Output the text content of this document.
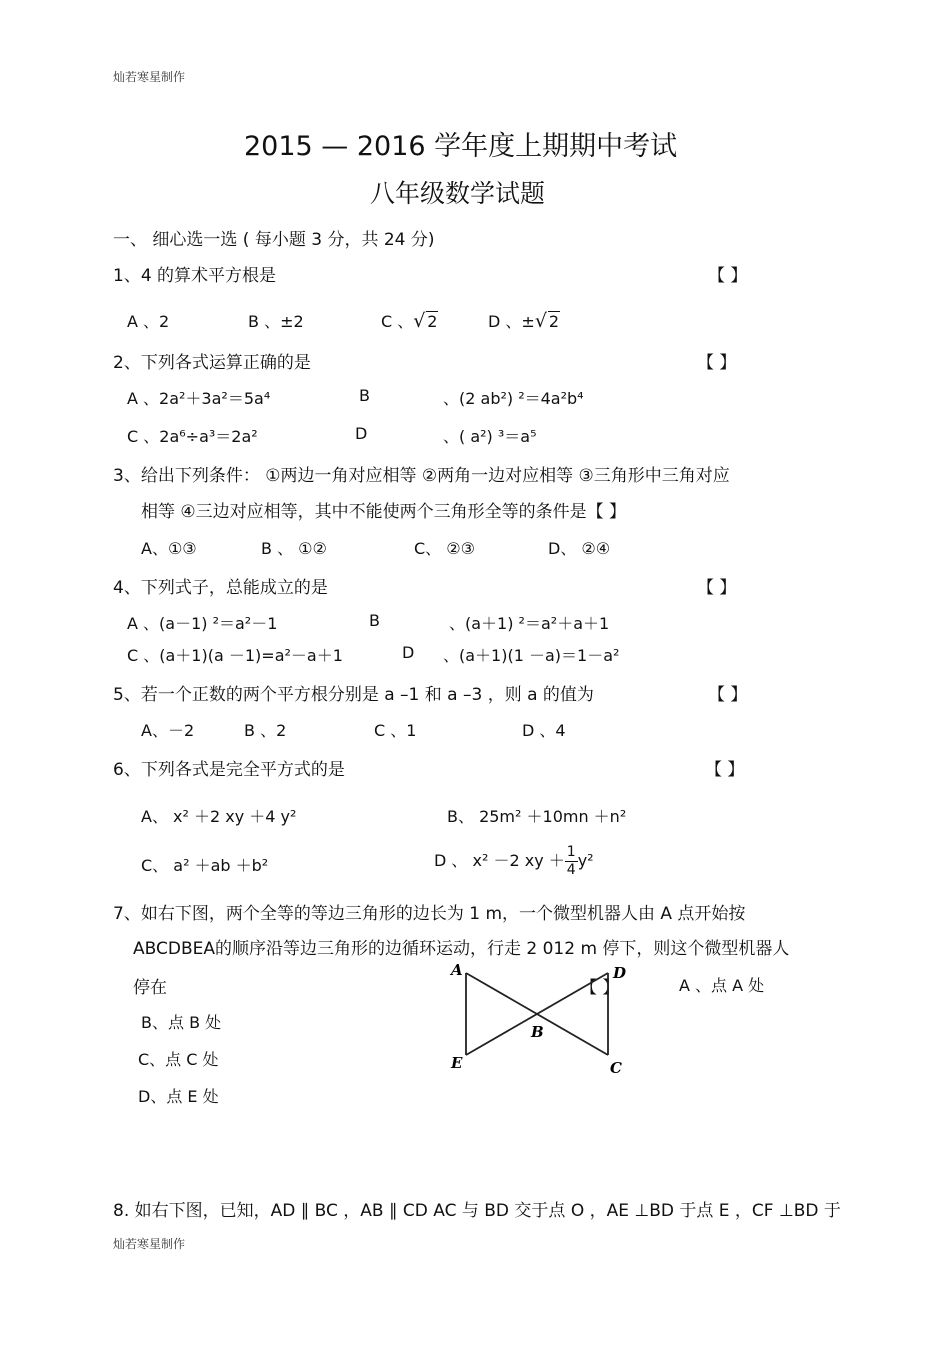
灿若寒星制作
2015 — 2016 学年度上期期中考试
八年级数学试题
一、 细心选一选 ( 每小题 3 分，共 24 分)
1、4 的算术平方根是	【 】
A 、2	B 、±2	C 、 √ 2	D 、± √ 2
2、下列各式运算正确的是	【 】
A 、2a²＋3a²＝5a⁴	B	、(2 ab²) ²＝4a²b⁴
C 、2a⁶÷a³＝2a²	D	、( a²) ³＝a⁵
3、给出下列条件： ①两边一角对应相等 ②两角一边对应相等 ③三角形中三角对应
相等 ④三边对应相等，其中不能使两个三角形全等的条件是【 】
A、①③	B 、 ①②	C、 ②③	D、 ②④
4、下列式子，总能成立的是	【 】
A 、(a－1) ²＝a²－1	B	、(a＋1) ²＝a²＋a＋1
C 、(a＋1)(a －1)=a²－a＋1	D 、(a＋1)(1 －a)＝1－a²
5、若一个正数的两个平方根分别是 a –1 和 a –3 ，则 a 的值为	【 】
A、－2	B 、2	C 、1	D 、4
6、下列各式是完全平方式的是	【 】
A、 x² ＋2 xy ＋4 y²	B、 25m² ＋10mn ＋n²
C、 a² ＋ab ＋b²	D 、 x² －2 xy ＋ $\frac{1}{4} y^2$
7、如右下图，两个全等的等边三角形的边长为 1 m，一个微型机器人由 A 点开始按
ABCDBEA的顺序沿等边三角形的边循环运动，行走 2 012 m 停下，则这个微型机器人
停在	【 】	A 、点 A 处
B、点 B 处
C、点 C 处
D、点 E 处
A	D
B
E	C
8. 如右下图，已知，AD ∥ BC ，AB ∥ CD AC 与 BD 交于点 O ，AE ⊥BD 于点 E ，CF ⊥BD 于
灿若寒星制作
